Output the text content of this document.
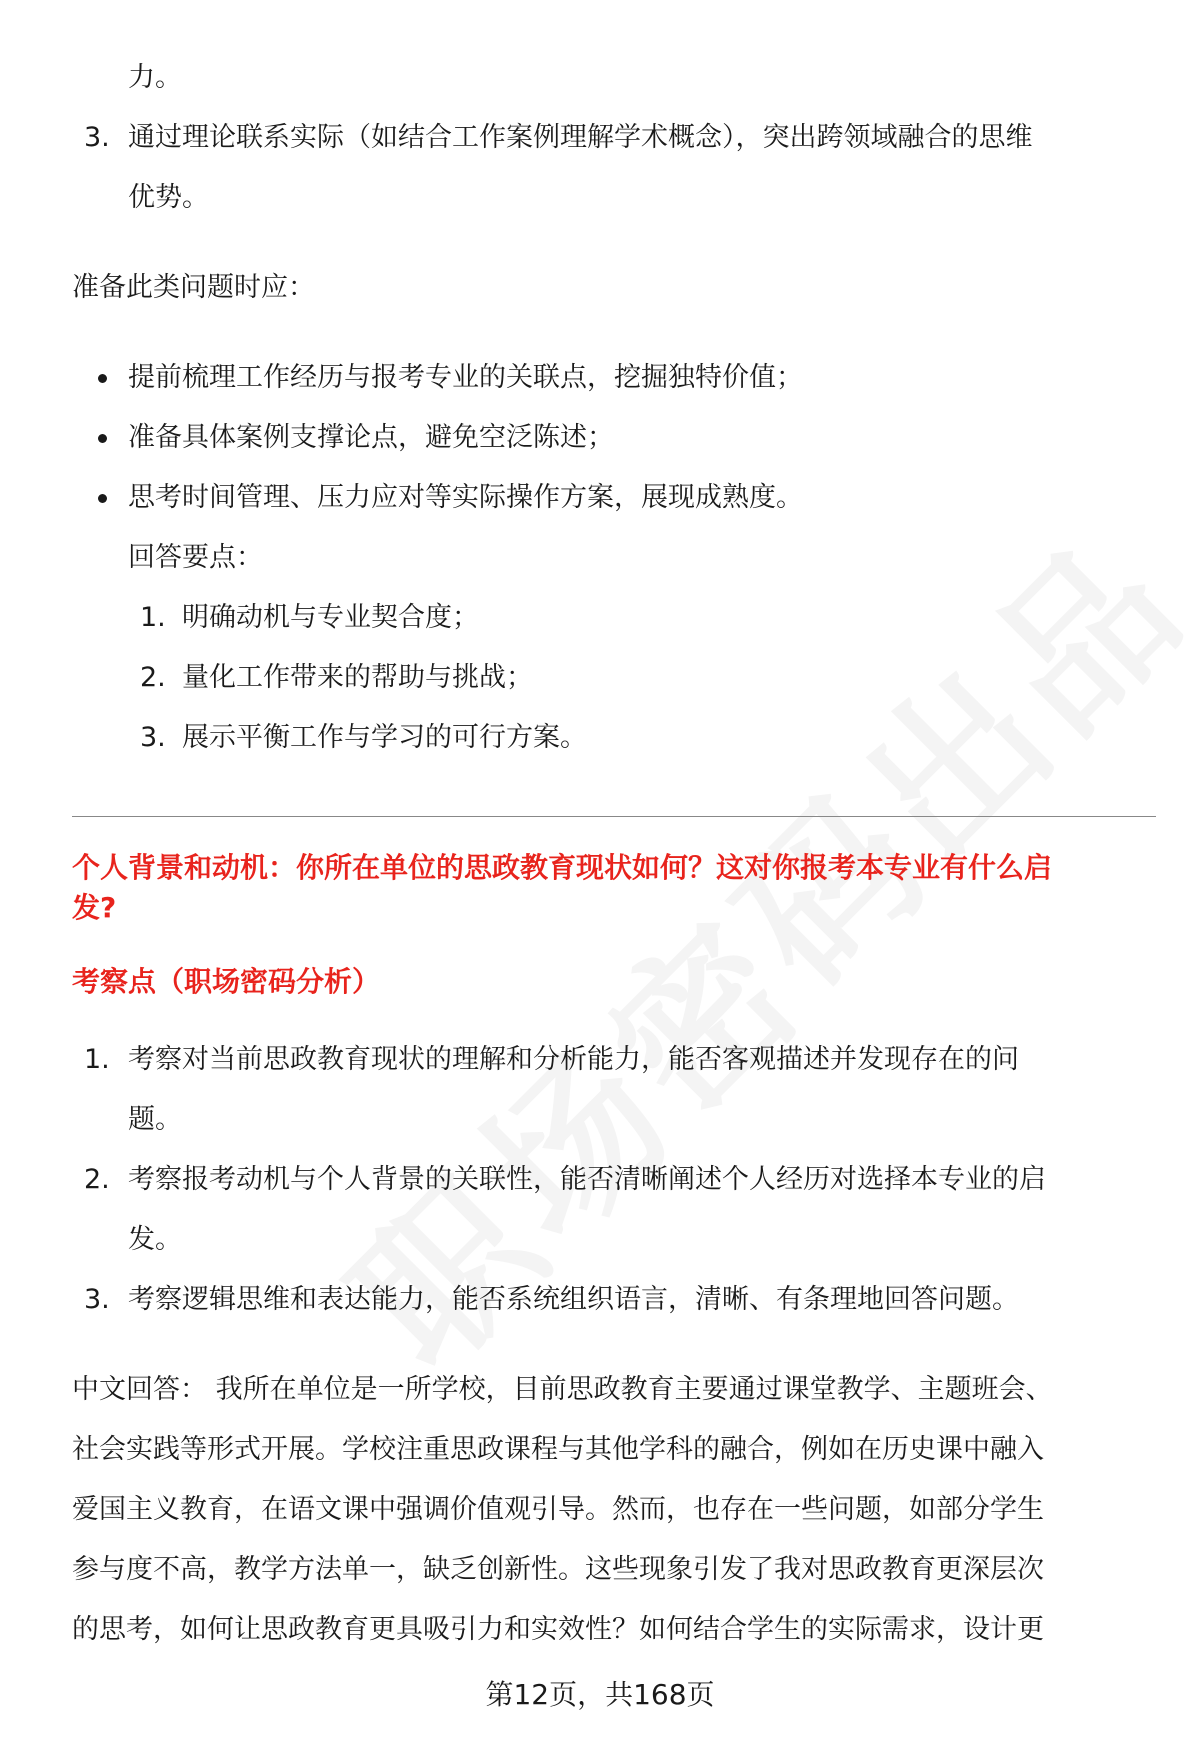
力。
3. 通过理论联系实际（如结合工作案例理解学术概念），突出跨领域融合的思维
优势。
准备此类问题时应：
提前梳理工作经历与报考专业的关联点，挖掘独特价值；
准备具体案例支撑论点，避免空泛陈述；
思考时间管理、压力应对等实际操作方案，展现成熟度。
回答要点：
1. 明确动机与专业契合度；
2. 量化工作带来的帮助与挑战；
3. 展示平衡工作与学习的可行方案。
个人背景和动机：你所在单位的思政教育现状如何？这对你报考本专业有什么启
发?
考察点（职场密码分析）
1. 考察对当前思政教育现状的理解和分析能力，能否客观描述并发现存在的问
题。
2. 考察报考动机与个人背景的关联性，能否清晰阐述个人经历对选择本专业的启
发。
3. 考察逻辑思维和表达能力，能否系统组织语言，清晰、有条理地回答问题。
中文回答： 我所在单位是一所学校，目前思政教育主要通过课堂教学、主题班会、
社会实践等形式开展。学校注重思政课程与其他学科的融合，例如在历史课中融入
爱国主义教育，在语文课中强调价值观引导。然而，也存在一些问题，如部分学生
参与度不高，教学方法单一，缺乏创新性。这些现象引发了我对思政教育更深层次
的思考，如何让思政教育更具吸引力和实效性？如何结合学生的实际需求，设计更
第12页，共168页
